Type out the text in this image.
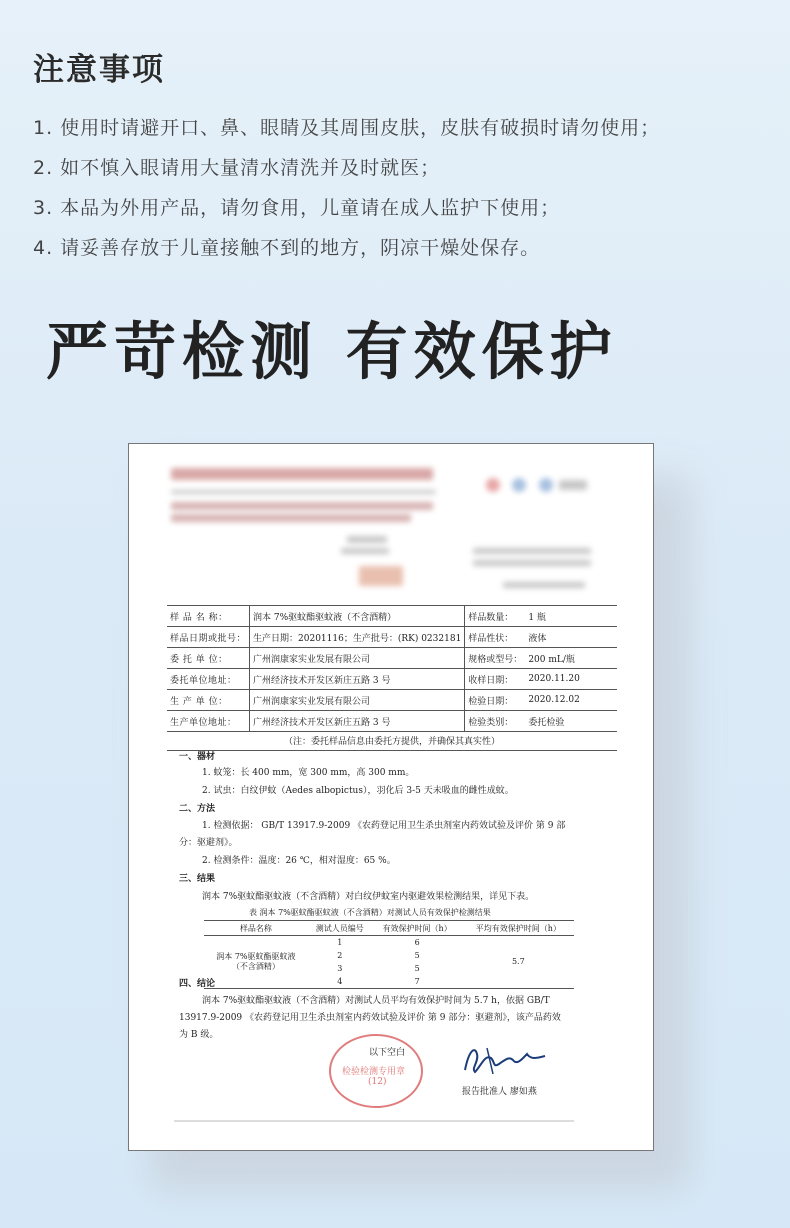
注意事项
1. 使用时请避开口、鼻、眼睛及其周围皮肤，皮肤有破损时请勿使用；
2. 如不慎入眼请用大量清水清洗并及时就医；
3. 本品为外用产品，请勿食用，儿童请在成人监护下使用；
4. 请妥善存放于儿童接触不到的地方，阴凉干燥处保存。
严苛检测 有效保护
样 品 名 称：	润本 7%驱蚊酯驱蚊液（不含酒精）	样品数量：	1 瓶
样品日期或批号：	生产日期：20201116；生产批号：(RK) 0232181	样品性状：	液体
委 托 单 位：	广州润康家实业发展有限公司	规格或型号：	200 mL/瓶
委托单位地址：	广州经济技术开发区新庄五路 3 号	收样日期：	2020.11.20
生 产 单 位：	广州润康家实业发展有限公司	检验日期：	2020.12.02
生产单位地址：	广州经济技术开发区新庄五路 3 号	检验类别：	委托检验
（注：委托样品信息由委托方提供，并确保其真实性）
一、器材
1. 蚊笼：长 400 mm，宽 300 mm，高 300 mm。
2. 试虫：白纹伊蚊（Aedes albopictus），羽化后 3-5 天未吸血的雌性成蚊。
二、方法
1. 检测依据： GB/T 13917.9-2009 《农药登记用卫生杀虫剂室内药效试验及评价 第 9 部
分：驱避剂》。
2. 检测条件：温度：26 ℃，相对湿度：65 %。
三、结果
润本 7%驱蚊酯驱蚊液（不含酒精）对白纹伊蚊室内驱避效果检测结果，详见下表。
表 润本 7%驱蚊酯驱蚊液（不含酒精）对测试人员有效保护检测结果
样品名称	测试人员编号	有效保护时间（h）	平均有效保护时间（h）
润本 7%驱蚊酯驱蚊液
（不含酒精）	1	6	5.7
	2	5	
	3	5	
	4	7	
四、结论
润本 7%驱蚊酯驱蚊液（不含酒精）对测试人员平均有效保护时间为 5.7 h，依据 GB/T
13917.9-2009 《农药登记用卫生杀虫剂室内药效试验及评价 第 9 部分：驱避剂》，该产品药效
为 B 级。
检验检测专用章
(12)
以下空白
报告批准人 廖如燕
